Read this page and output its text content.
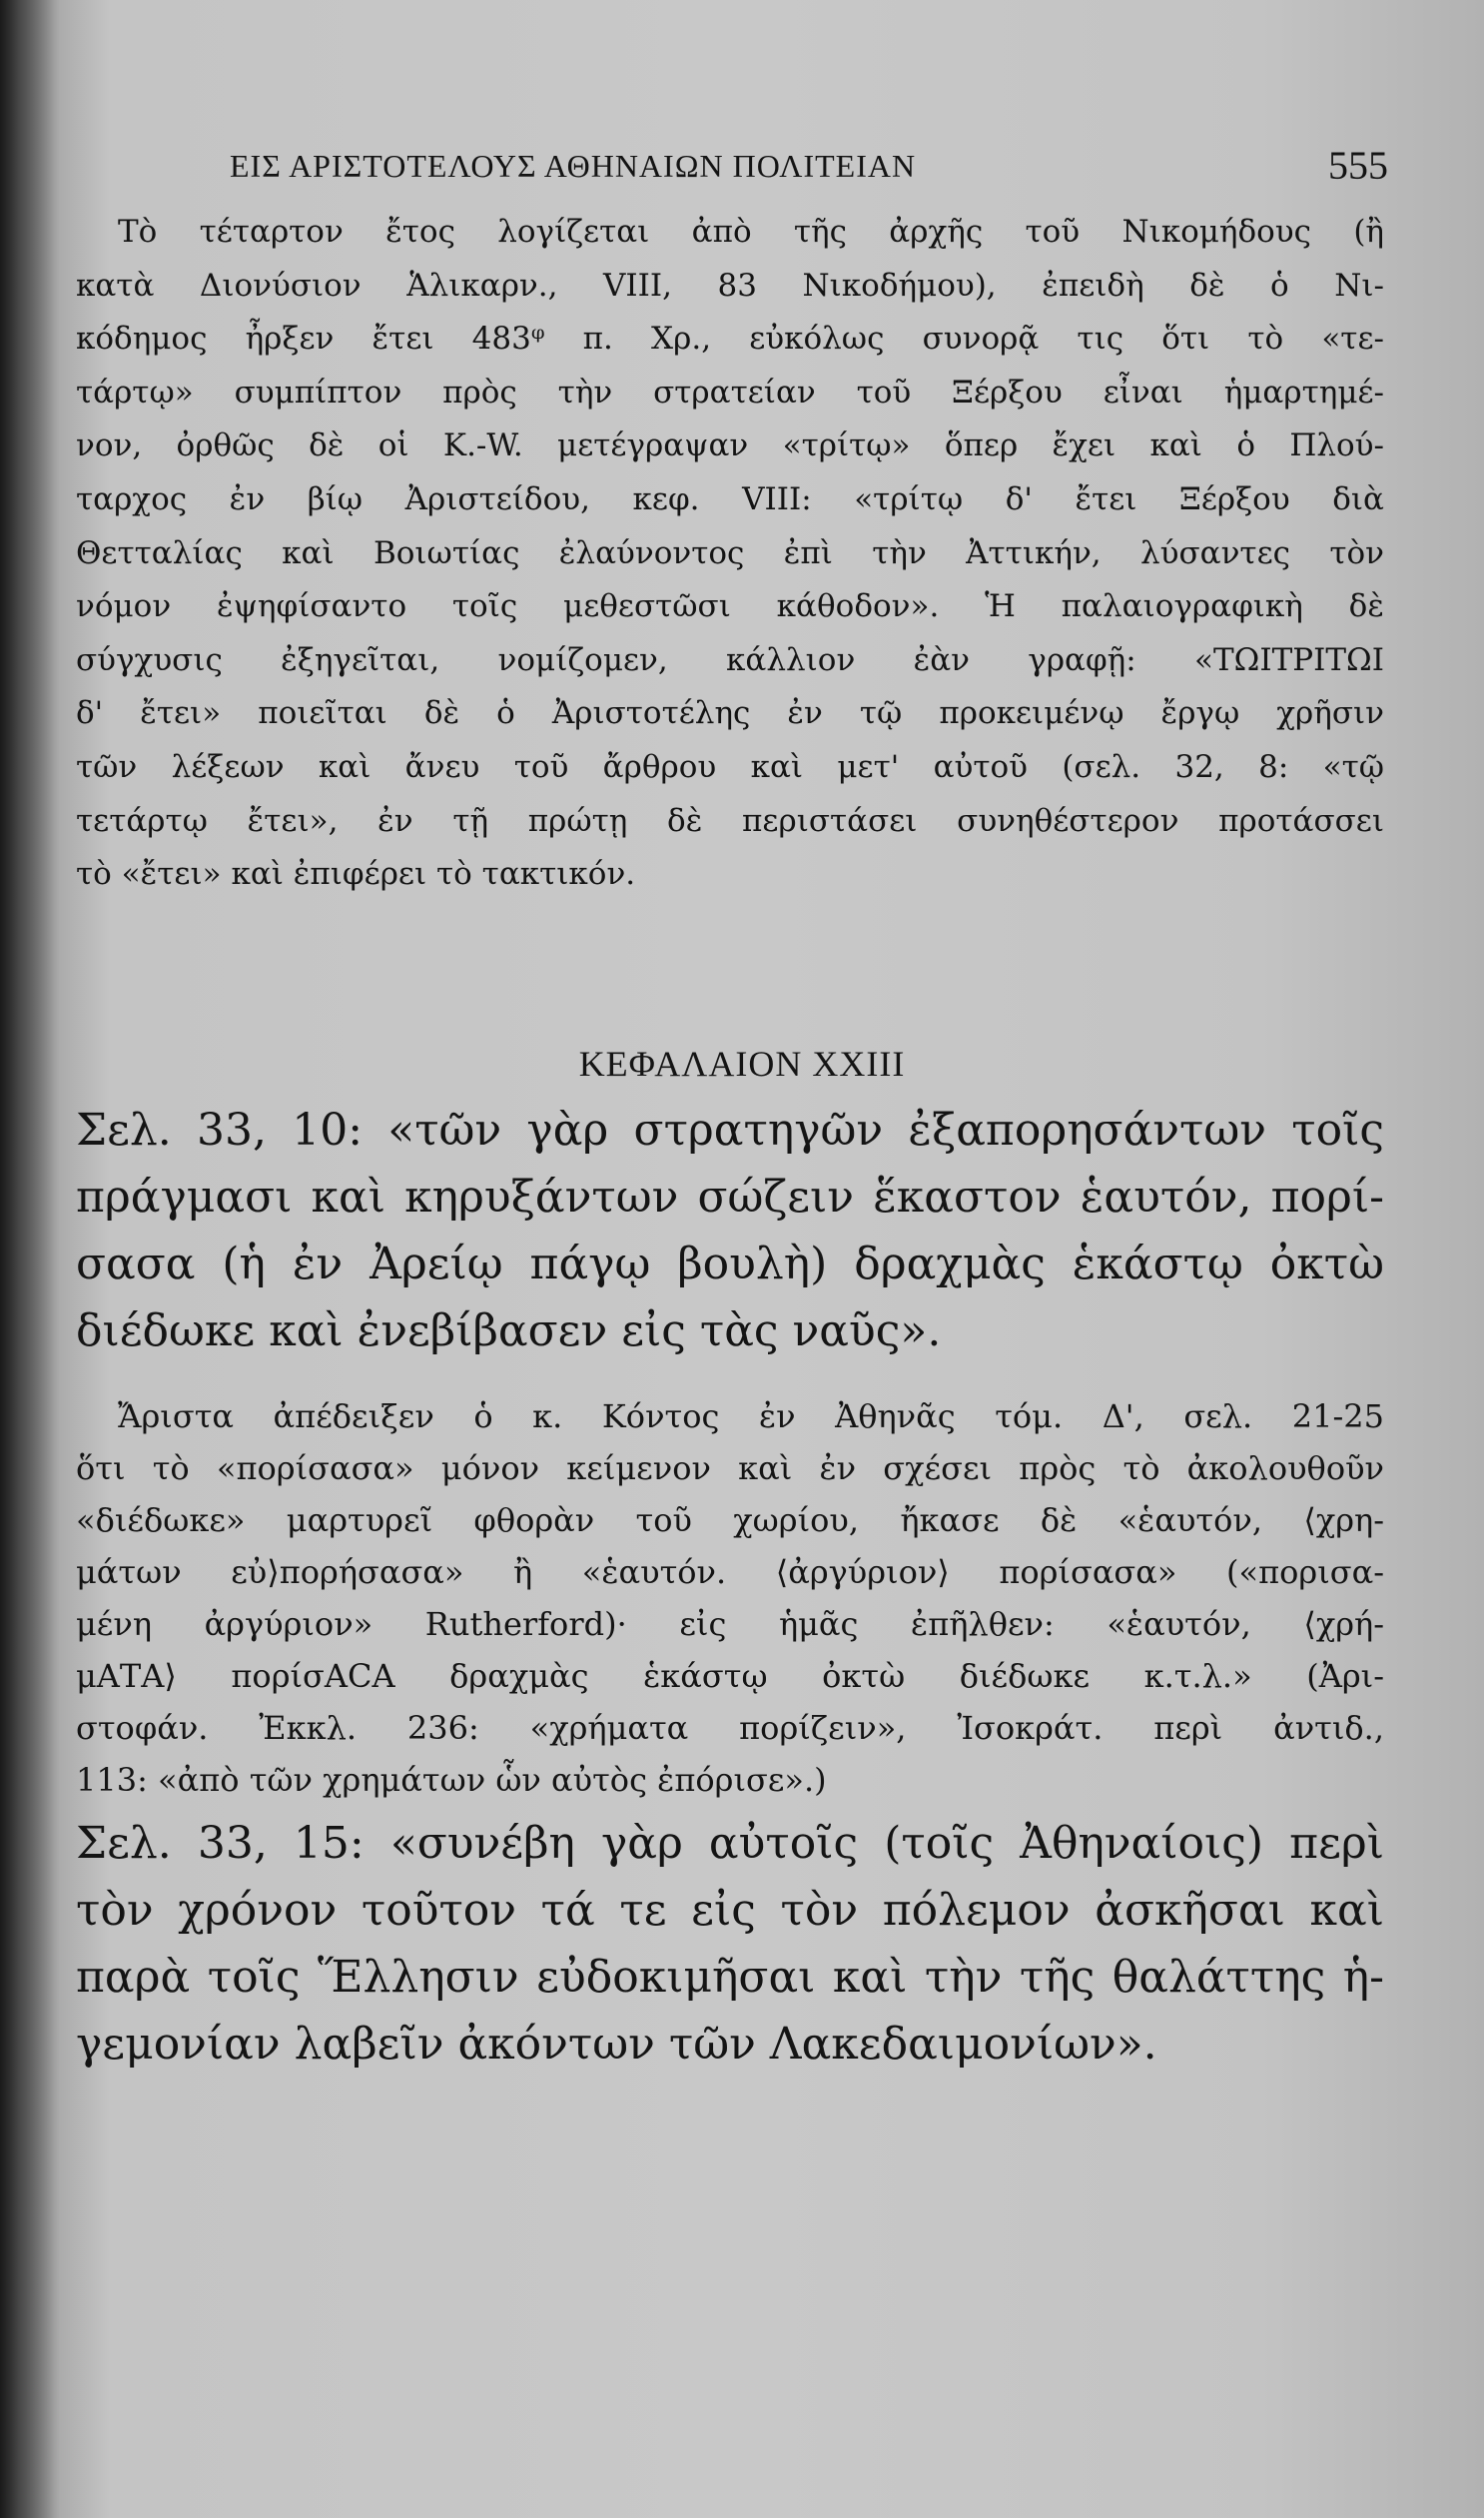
ΕΙΣ ΑΡΙΣΤΟΤΕΛΟΥΣ ΑΘΗΝΑΙΩΝ ΠΟΛΙΤΕΙΑΝ	555
Τὸ τέταρτον ἔτος λογίζεται ἀπὸ τῆς ἀρχῆς τοῦ Νικομήδους (ἢ
κατὰ Διονύσιον Ἁλικαρν., VIII, 83 Νικοδήμου), ἐπειδὴ δὲ ὁ Νι-
κόδημος ἦρξεν ἔτει 483ᵠ π. Χρ., εὐκόλως συνορᾷ τις ὅτι τὸ «τε-
τάρτῳ» συμπίπτον πρὸς τὴν στρατείαν τοῦ Ξέρξου εἶναι ἡμαρτημέ-
νον, ὀρθῶς δὲ οἱ Κ.-W. μετέγραψαν «τρίτῳ» ὅπερ ἔχει καὶ ὁ Πλού-
ταρχος ἐν βίῳ Ἀριστείδου, κεφ. VIII: «τρίτῳ δ' ἔτει Ξέρξου διὰ
Θετταλίας καὶ Βοιωτίας ἐλαύνοντος ἐπὶ τὴν Ἀττικήν, λύσαντες τὸν
νόμον ἐψηφίσαντο τοῖς μεθεστῶσι κάθοδον». Ἡ παλαιογραφικὴ δὲ
σύγχυσις ἐξηγεῖται, νομίζομεν, κάλλιον ἐὰν γραφῇ: «ΤΩΙΤΡΙΤΩΙ
δ' ἔτει» ποιεῖται δὲ ὁ Ἀριστοτέλης ἐν τῷ προκειμένῳ ἔργῳ χρῆσιν
τῶν λέξεων καὶ ἄνευ τοῦ ἄρθρου καὶ μετ' αὐτοῦ (σελ. 32, 8: «τῷ
τετάρτῳ ἔτει», ἐν τῇ πρώτῃ δὲ περιστάσει συνηθέστερον προτάσσει
τὸ «ἔτει» καὶ ἐπιφέρει τὸ τακτικόν.
ΚΕΦΑΛΑΙΟΝ XXIII
Σελ. 33, 10: «τῶν γὰρ στρατηγῶν ἐξαπορησάντων τοῖς
πράγμασι καὶ κηρυξάντων σώζειν ἕκαστον ἑαυτόν, πορί-
σασα (ἡ ἐν Ἀρείῳ πάγῳ βουλὴ) δραχμὰς ἑκάστῳ ὀκτὼ
διέδωκε καὶ ἐνεβίβασεν εἰς τὰς ναῦς».
Ἄριστα ἀπέδειξεν ὁ κ. Κόντος ἐν Ἀθηνᾶς τόμ. Δ', σελ. 21-25
ὅτι τὸ «πορίσασα» μόνον κείμενον καὶ ἐν σχέσει πρὸς τὸ ἀκολουθοῦν
«διέδωκε» μαρτυρεῖ φθορὰν τοῦ χωρίου, ἤκασε δὲ «ἑαυτόν, ⟨χρη-
μάτων εὐ⟩πορήσασα» ἢ «ἑαυτόν. ⟨ἀργύριον⟩ πορίσασα» («πορισα-
μένη ἀργύριον» Rutherford)· εἰς ἡμᾶς ἐπῆλθεν: «ἑαυτόν, ⟨χρή-
μΑΤΑ⟩ πορίσΑCΑ δραχμὰς ἑκάστῳ ὀκτὼ διέδωκε κ.τ.λ.» (Ἀρι-
στοφάν. Ἐκκλ. 236: «χρήματα πορίζειν», Ἰσοκράτ. περὶ ἀντιδ.,
113: «ἀπὸ τῶν χρημάτων ὧν αὐτὸς ἐπόρισε».)
Σελ. 33, 15: «συνέβη γὰρ αὐτοῖς (τοῖς Ἀθηναίοις) περὶ
τὸν χρόνον τοῦτον τά τε εἰς τὸν πόλεμον ἀσκῆσαι καὶ
παρὰ τοῖς Ἕλλησιν εὐδοκιμῆσαι καὶ τὴν τῆς θαλάττης ἡ-
γεμονίαν λαβεῖν ἀκόντων τῶν Λακεδαιμονίων».
